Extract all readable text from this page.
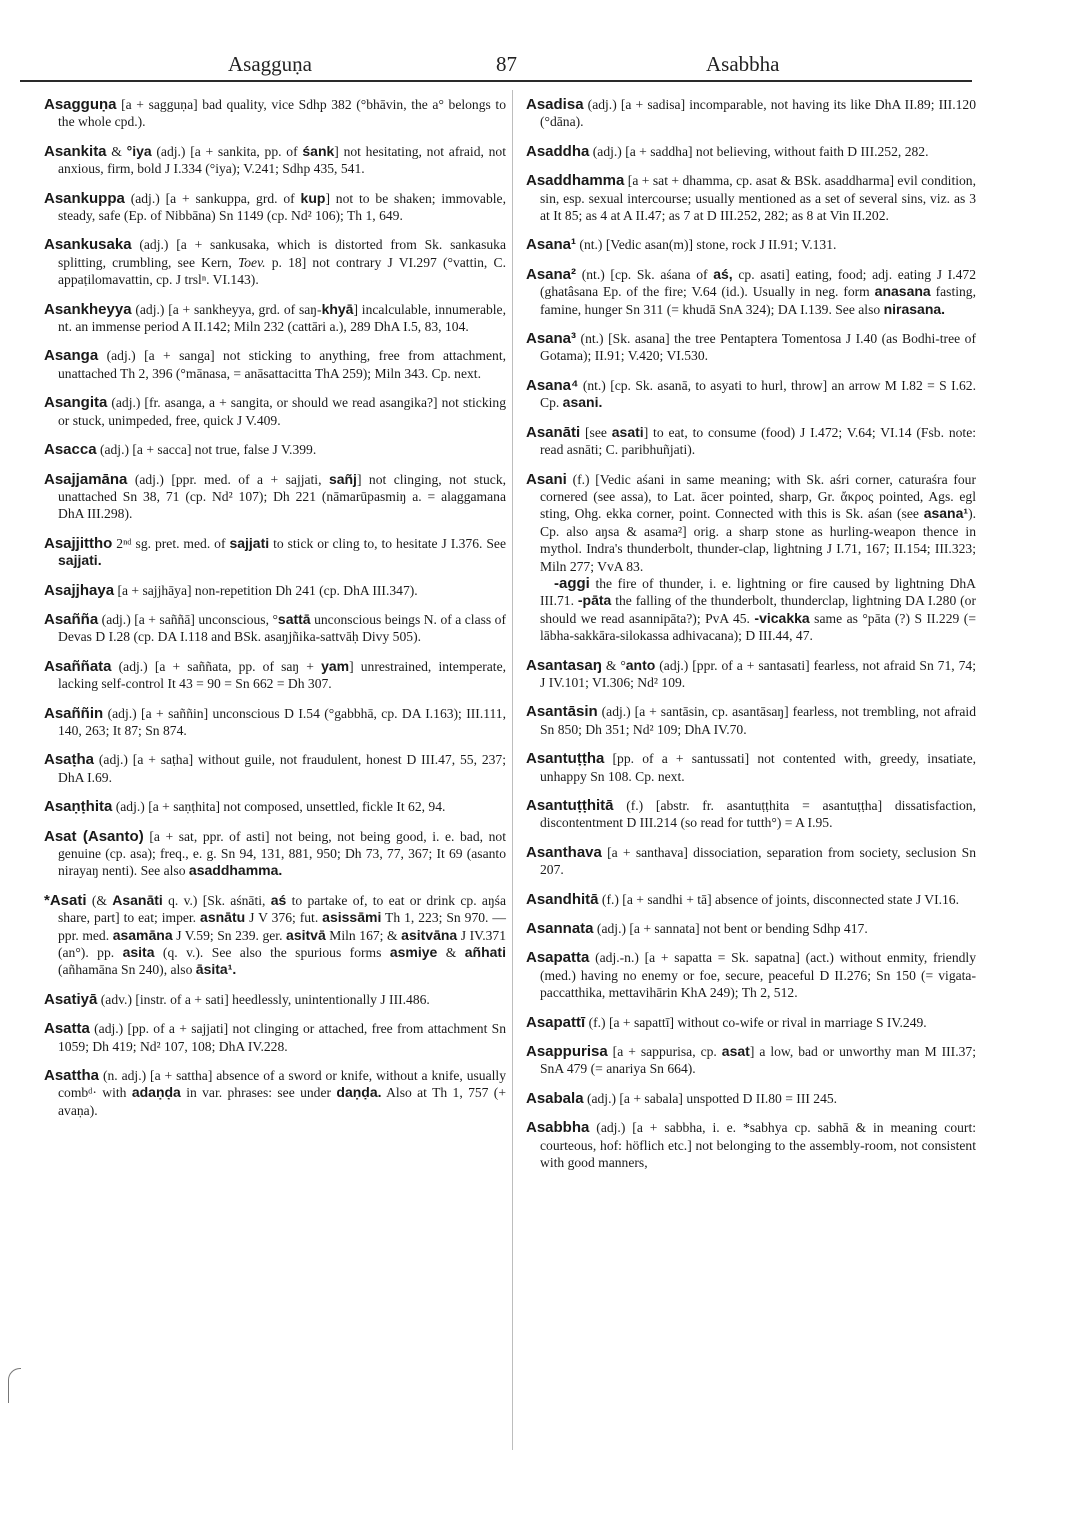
Asagguṇa	87	Asabbha

Asagguṇa [a + sagguṇa] bad quality, vice Sdhp 382 (°bhāvin, the a° belongs to the whole cpd.).

Asankita & °iya (adj.) [a + sankita, pp. of śank] not hesitating, not afraid, not anxious, firm, bold J I.334 (°iya); V.241; Sdhp 435, 541.

Asankuppa (adj.) [a + sankuppa, grd. of kup] not to be shaken; immovable, steady, safe (Ep. of Nibbāna) Sn 1149 (cp. Nd² 106); Th 1, 649.

Asankusaka (adj.) [a + sankusaka, which is distorted from Sk. sankasuka splitting, crumbling, see Kern, Toev. p. 18] not contrary J VI.297 (°vattin, C. appaṭilomavattin, cp. J trslⁿ. VI.143).

Asankheyya (adj.) [a + sankheyya, grd. of saŋ-khyā] incalculable, innumerable, nt. an immense period A II.142; Miln 232 (cattāri a.), 289 DhA I.5, 83, 104.

Asanga (adj.) [a + sanga] not sticking to anything, free from attachment, unattached Th 2, 396 (°mānasa, = anāsattacitta ThA 259); Miln 343. Cp. next.

Asangita (adj.) [fr. asanga, a + sangita, or should we read asangika?] not sticking or stuck, unimpeded, free, quick J V.409.

Asacca (adj.) [a + sacca] not true, false J V.399.

Asajjamāna (adj.) [ppr. med. of a + sajjati, sañj] not clinging, not stuck, unattached Sn 38, 71 (cp. Nd² 107); Dh 221 (nāmarūpasmiŋ a. = alaggamana DhA III.298).

Asajjittho 2ⁿᵈ sg. pret. med. of sajjati to stick or cling to, to hesitate J I.376. See sajjati.

Asajjhaya [a + sajjhāya] non-repetition Dh 241 (cp. DhA III.347).

Asañña (adj.) [a + saññā] unconscious, °sattā unconscious beings N. of a class of Devas D I.28 (cp. DA I.118 and BSk. asaŋjñika-sattvāḥ Divy 505).

Asaññata (adj.) [a + saññata, pp. of saŋ + yam] unrestrained, intemperate, lacking self-control It 43 = 90 = Sn 662 = Dh 307.

Asaññin (adj.) [a + saññin] unconscious D I.54 (°gabbhā, cp. DA I.163); III.111, 140, 263; It 87; Sn 874.

Asaṭha (adj.) [a + saṭha] without guile, not fraudulent, honest D III.47, 55, 237; DhA I.69.

Asaṇṭhita (adj.) [a + saṇṭhita] not composed, unsettled, fickle It 62, 94.

Asat (Asanto) [a + sat, ppr. of asti] not being, not being good, i. e. bad, not genuine (cp. asa); freq., e. g. Sn 94, 131, 881, 950; Dh 73, 77, 367; It 69 (asanto nirayaŋ nenti). See also asaddhamma.

*Asati (& Asanāti q. v.) [Sk. aśnāti, aś to partake of, to eat or drink cp. aŋśa share, part] to eat; imper. asnātu J V 376; fut. asissāmi Th 1, 223; Sn 970. — ppr. med. asamāna J V.59; Sn 239. ger. asitvā Miln 167; & asitvāna J IV.371 (an°). pp. asita (q. v.). See also the spurious forms asmiye & añhati (añhamāna Sn 240), also āsita¹.

Asatiyā (adv.) [instr. of a + sati] heedlessly, unintentionally J III.486.

Asatta (adj.) [pp. of a + sajjati] not clinging or attached, free from attachment Sn 1059; Dh 419; Nd² 107, 108; DhA IV.228.

Asattha (n. adj.) [a + sattha] absence of a sword or knife, without a knife, usually combᵈ· with adaṇḍa in var. phrases: see under daṇḍa. Also at Th 1, 757 (+ avaṇa).

Asadisa (adj.) [a + sadisa] incomparable, not having its like DhA II.89; III.120 (°dāna).

Asaddha (adj.) [a + saddha] not believing, without faith D III.252, 282.

Asaddhamma [a + sat + dhamma, cp. asat & BSk. asaddharma] evil condition, sin, esp. sexual intercourse; usually mentioned as a set of several sins, viz. as 3 at It 85; as 4 at A II.47; as 7 at D III.252, 282; as 8 at Vin II.202.

Asana¹ (nt.) [Vedic asan(m)] stone, rock J II.91; V.131.

Asana² (nt.) [cp. Sk. aśana of aś, cp. asati] eating, food; adj. eating J I.472 (ghatâsana Ep. of the fire; V.64 (id.). Usually in neg. form anasana fasting, famine, hunger Sn 311 (= khudā SnA 324); DA I.139. See also nirasana.

Asana³ (nt.) [Sk. asana] the tree Pentaptera Tomentosa J I.40 (as Bodhi-tree of Gotama); II.91; V.420; VI.530.

Asana⁴ (nt.) [cp. Sk. asanā, to asyati to hurl, throw] an arrow M I.82 = S I.62. Cp. asani.

Asanāti [see asati] to eat, to consume (food) J I.472; V.64; VI.14 (Fsb. note: read asnāti; C. paribhuñjati).

Asani (f.) [Vedic aśani in same meaning; with Sk. aśri corner, caturaśra four cornered (see assa), to Lat. ācer pointed, sharp, Gr. ἄκρος pointed, Ags. egl sting, Ohg. ekka corner, point. Connected with this is Sk. aśan (see asana¹). Cp. also aŋsa & asama²] orig. a sharp stone as hurling-weapon thence in mythol. Indra's thunderbolt, thunder-clap, lightning J I.71, 167; II.154; III.323; Miln 277; VvA 83.
-aggi the fire of thunder, i. e. lightning or fire caused by lightning DhA III.71. -pāta the falling of the thunderbolt, thunderclap, lightning DA I.280 (or should we read asannipāta?); PvA 45. -vicakka same as °pāta (?) S II.229 (= lābha-sakkāra-silokassa adhivacana); D III.44, 47.

Asantasaŋ & °anto (adj.) [ppr. of a + santasati] fearless, not afraid Sn 71, 74; J IV.101; VI.306; Nd² 109.

Asantāsin (adj.) [a + santāsin, cp. asantāsaŋ] fearless, not trembling, not afraid Sn 850; Dh 351; Nd² 109; DhA IV.70.

Asantuṭṭha [pp. of a + santussati] not contented with, greedy, insatiate, unhappy Sn 108. Cp. next.

Asantuṭṭhitā (f.) [abstr. fr. asantuṭṭhita = asantuṭṭha] dissatisfaction, discontentment D III.214 (so read for tutth°) = A I.95.

Asanthava [a + santhava] dissociation, separation from society, seclusion Sn 207.

Asandhitā (f.) [a + sandhi + tā] absence of joints, disconnected state J VI.16.

Asannata (adj.) [a + sannata] not bent or bending Sdhp 417.

Asapatta (adj.-n.) [a + sapatta = Sk. sapatna] (act.) without enmity, friendly (med.) having no enemy or foe, secure, peaceful D II.276; Sn 150 (= vigata-paccatthika, mettavihārin KhA 249); Th 2, 512.

Asapattī (f.) [a + sapattī] without co-wife or rival in marriage S IV.249.

Asappurisa [a + sappurisa, cp. asat] a low, bad or unworthy man M III.37; SnA 479 (= anariya Sn 664).

Asabala (adj.) [a + sabala] unspotted D II.80 = III 245.

Asabbha (adj.) [a + sabbha, i. e. *sabhya cp. sabhā & in meaning court: courteous, hof: höflich etc.] not belonging to the assembly-room, not consistent with good manners,
